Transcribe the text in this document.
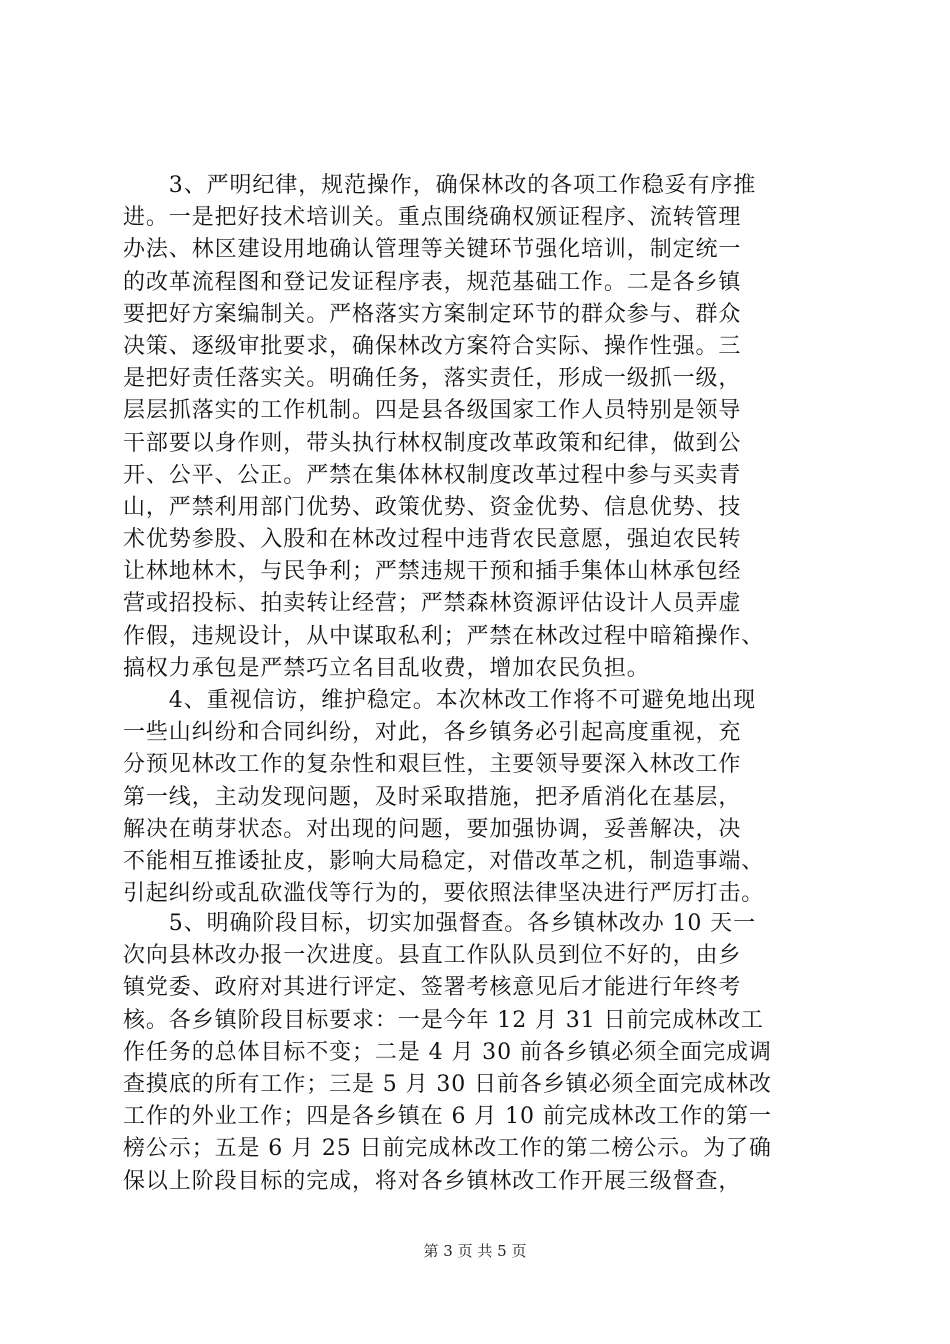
　　3、严明纪律，规范操作，确保林改的各项工作稳妥有序推
进。一是把好技术培训关。重点围绕确权颁证程序、流转管理
办法、林区建设用地确认管理等关键环节强化培训，制定统一
的改革流程图和登记发证程序表，规范基础工作。二是各乡镇
要把好方案编制关。严格落实方案制定环节的群众参与、群众
决策、逐级审批要求，确保林改方案符合实际、操作性强。三
是把好责任落实关。明确任务，落实责任，形成一级抓一级，
层层抓落实的工作机制。四是县各级国家工作人员特别是领导
干部要以身作则，带头执行林权制度改革政策和纪律，做到公
开、公平、公正。严禁在集体林权制度改革过程中参与买卖青
山，严禁利用部门优势、政策优势、资金优势、信息优势、技
术优势参股、入股和在林改过程中违背农民意愿，强迫农民转
让林地林木，与民争利；严禁违规干预和插手集体山林承包经
营或招投标、拍卖转让经营；严禁森林资源评估设计人员弄虚
作假，违规设计，从中谋取私利；严禁在林改过程中暗箱操作、
搞权力承包是严禁巧立名目乱收费，增加农民负担。
　　4、重视信访，维护稳定。本次林改工作将不可避免地出现
一些山纠纷和合同纠纷，对此，各乡镇务必引起高度重视，充
分预见林改工作的复杂性和艰巨性，主要领导要深入林改工作
第一线，主动发现问题，及时采取措施，把矛盾消化在基层，
解决在萌芽状态。对出现的问题，要加强协调，妥善解决，决
不能相互推诿扯皮，影响大局稳定，对借改革之机，制造事端、
引起纠纷或乱砍滥伐等行为的，要依照法律坚决进行严厉打击。
　　5、明确阶段目标，切实加强督查。各乡镇林改办 10 天一
次向县林改办报一次进度。县直工作队队员到位不好的，由乡
镇党委、政府对其进行评定、签署考核意见后才能进行年终考
核。各乡镇阶段目标要求：一是今年 12 月 31 日前完成林改工
作任务的总体目标不变；二是 4 月 30 前各乡镇必须全面完成调
查摸底的所有工作；三是 5 月 30 日前各乡镇必须全面完成林改
工作的外业工作；四是各乡镇在 6 月 10 前完成林改工作的第一
榜公示；五是 6 月 25 日前完成林改工作的第二榜公示。为了确
保以上阶段目标的完成，将对各乡镇林改工作开展三级督查，
第 3 页 共 5 页
